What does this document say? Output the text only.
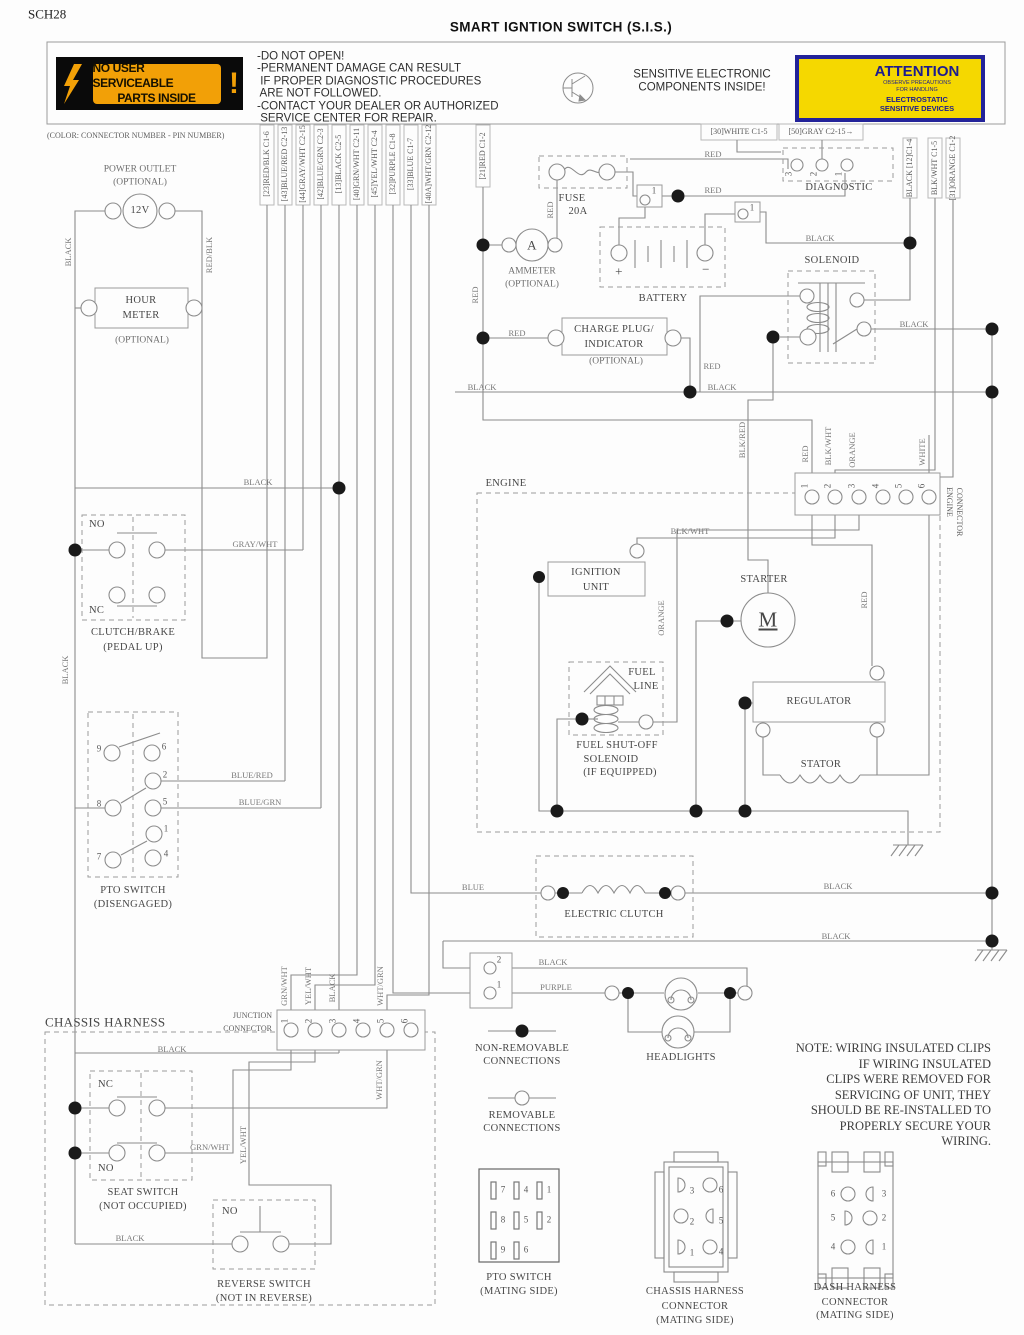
SCH28
SMART IGNTION SWITCH (S.I.S.)
(COLOR: CONNECTOR NUMBER - PIN NUMBER)
NO USER SERVICEABLE
PARTS INSIDE !
-DO NOT OPEN!
-PERMANENT DAMAGE CAN RESULT
IF PROPER DIAGNOSTIC PROCEDURES
ARE NOT FOLLOWED.
-CONTACT YOUR DEALER OR AUTHORIZED
SERVICE CENTER FOR REPAIR.
SENSITIVE ELECTRONIC
COMPONENTS INSIDE!
ATTENTION
OBSERVE PRECAUTIONS
FOR HANDLING
ELECTROSTATIC
SENSITIVE DEVICES
[23]RED/BLK C1-6 [43]BLUE/RED C2-13 [44]GRAY/WHT C2-15 [42]BLUE/GRN C2-3 [13]BLACK C2-5 [40]GRN/WHT C2-11 [45]YEL/WHT C2-4 [32]PURPLE C1-8 [33]BLUE C1-7 [40A]WHT/GRN C2-12	[21]RED C1-2
[30]WHITE C1-5	[50]GRAY C2-15→
BLACK [12]C1-4 BLK/WHT C1-5 [31]ORANGE C1-2
POWER OUTLET
(OPTIONAL)
12V
BLACK	RED/BLK
HOUR
METER
(OPTIONAL)
FUSE
20A
RED
A
AMMETER
(OPTIONAL)
RED
RED
RED
BATTERY
+	−
1
1
CHARGE PLUG/
INDICATOR
(OPTIONAL)
RED
RED
DIAGNOSTIC
3 2 1
BLACK
SOLENOID
BLACK
BLACK	BLACK
BLK/RED
ENGINE
RED BLK/WHT ORANGE	WHITE
1 2 3 4 5 6
ENGINE CONNECTOR
BLK/WHT
IGNITION
UNIT
ORANGE
STARTER
M
RED
FUEL
LINE
FUEL SHUT-OFF
SOLENOID
(IF EQUIPPED)
REGULATOR
STATOR
BLACK
GRAY/WHT
NO
NC
CLUTCH/BRAKE
(PEDAL UP)
BLACK
9	6
2
8	5
1
7	4
BLUE/RED
BLUE/GRN
PTO SWITCH
(DISENGAGED)
BLUE
ELECTRIC CLUTCH
BLACK
BLACK
2
1
BLACK
PURPLE
HEADLIGHTS
NON-REMOVABLE
CONNECTIONS
REMOVABLE
CONNECTIONS
NOTE: WIRING INSULATED CLIPS
IF WIRING INSULATED
CLIPS WERE REMOVED FOR
SERVICING OF UNIT, THEY
SHOULD BE RE-INSTALLED TO
PROPERLY SECURE YOUR
WIRING.
CHASSIS HARNESS	JUNCTION
CONNECTOR
1 2 3 4 5 6
GRN/WHT YEL/WHT BLACK	WHT/GRN
BLACK
NC
NO
SEAT SWITCH
(NOT OCCUPIED)
GRN/WHT YEL/WHT
WHT/GRN
NO
BLACK
REVERSE SWITCH
(NOT IN REVERSE)
7 4 1
8 5 2
9 6
PTO SWITCH
(MATING SIDE)
3	6
2	5
1	4
CHASSIS HARNESS
CONNECTOR
(MATING SIDE)
6	3
5	2
4	1
DASH HARNESS
CONNECTOR
(MATING SIDE)
